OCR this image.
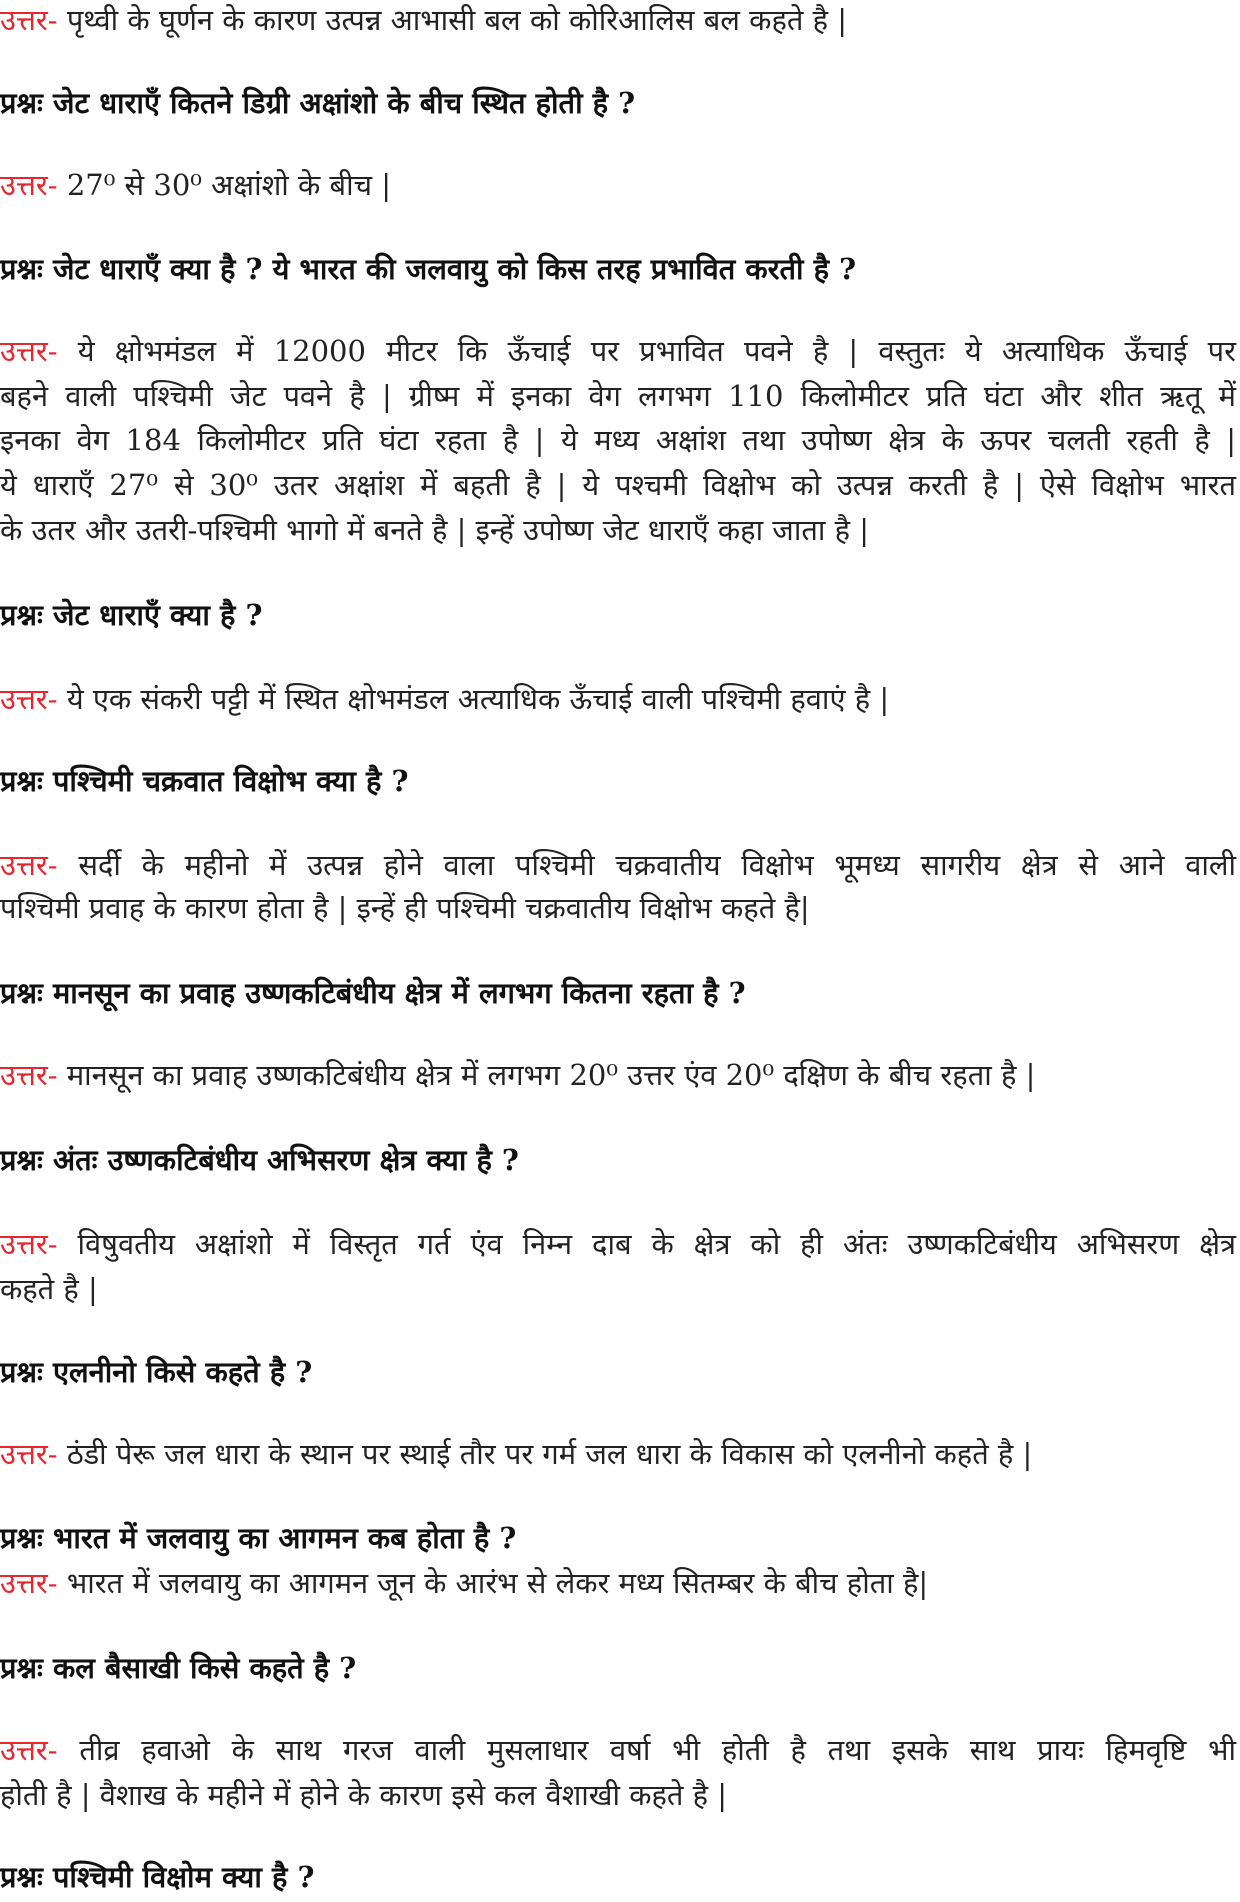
उत्तर- पृथ्वी के घूर्णन के कारण उत्पन्न आभासी बल को कोरिआलिस बल कहते है |
प्रश्नः जेट धाराएँ कितने डिग्री अक्षांशो के बीच स्थित होती है ?
उत्तर- 27⁰ से 30⁰ अक्षांशो के बीच |
प्रश्नः जेट धाराएँ क्या है ? ये भारत की जलवायु को किस तरह प्रभावित करती है ?
उत्तर- ये क्षोभमंडल में 12000 मीटर कि ऊँचाई पर प्रभावित पवने है | वस्तुतः ये अत्याधिक ऊँचाई पर
बहने वाली पश्चिमी जेट पवने है | ग्रीष्म में इनका वेग लगभग 110 किलोमीटर प्रति घंटा और शीत ऋतू में
इनका वेग 184 किलोमीटर प्रति घंटा रहता है | ये मध्य अक्षांश तथा उपोष्ण क्षेत्र के ऊपर चलती रहती है |
ये धाराएँ 27⁰ से 30⁰ उतर अक्षांश में बहती है | ये पश्चमी विक्षोभ को उत्पन्न करती है | ऐसे विक्षोभ भारत
के उतर और उतरी-पश्चिमी भागो में बनते है | इन्हें उपोष्ण जेट धाराएँ कहा जाता है |
प्रश्नः जेट धाराएँ क्या है ?
उत्तर- ये एक संकरी पट्टी में स्थित क्षोभमंडल अत्याधिक ऊँचाई वाली पश्चिमी हवाएं है |
प्रश्नः पश्चिमी चक्रवात विक्षोभ क्या है ?
उत्तर- सर्दी के महीनो में उत्पन्न होने वाला पश्चिमी चक्रवातीय विक्षोभ भूमध्य सागरीय क्षेत्र से आने वाली
पश्चिमी प्रवाह के कारण होता है | इन्हें ही पश्चिमी चक्रवातीय विक्षोभ कहते है|
प्रश्नः मानसून का प्रवाह उष्णकटिबंधीय क्षेत्र में लगभग कितना रहता है ?
उत्तर- मानसून का प्रवाह उष्णकटिबंधीय क्षेत्र में लगभग 20⁰ उत्तर एंव 20⁰ दक्षिण के बीच रहता है |
प्रश्नः अंतः उष्णकटिबंधीय अभिसरण क्षेत्र क्या है ?
उत्तर- विषुवतीय अक्षांशो में विस्तृत गर्त एंव निम्न दाब के क्षेत्र को ही अंतः उष्णकटिबंधीय अभिसरण क्षेत्र
कहते है |
प्रश्नः एलनीनो किसे कहते है ?
उत्तर- ठंडी पेरू जल धारा के स्थान पर स्थाई तौर पर गर्म जल धारा के विकास को एलनीनो कहते है |
प्रश्नः भारत में जलवायु का आगमन कब होता है ?
उत्तर- भारत में जलवायु का आगमन जून के आरंभ से लेकर मध्य सितम्बर के बीच होता है|
प्रश्नः कल बैसाखी किसे कहते है ?
उत्तर- तीव्र हवाओ के साथ गरज वाली मुसलाधार वर्षा भी होती है तथा इसके साथ प्रायः हिमवृष्टि भी
होती है | वैशाख के महीने में होने के कारण इसे कल वैशाखी कहते है |
प्रश्नः पश्चिमी विक्षोम क्या है ?
